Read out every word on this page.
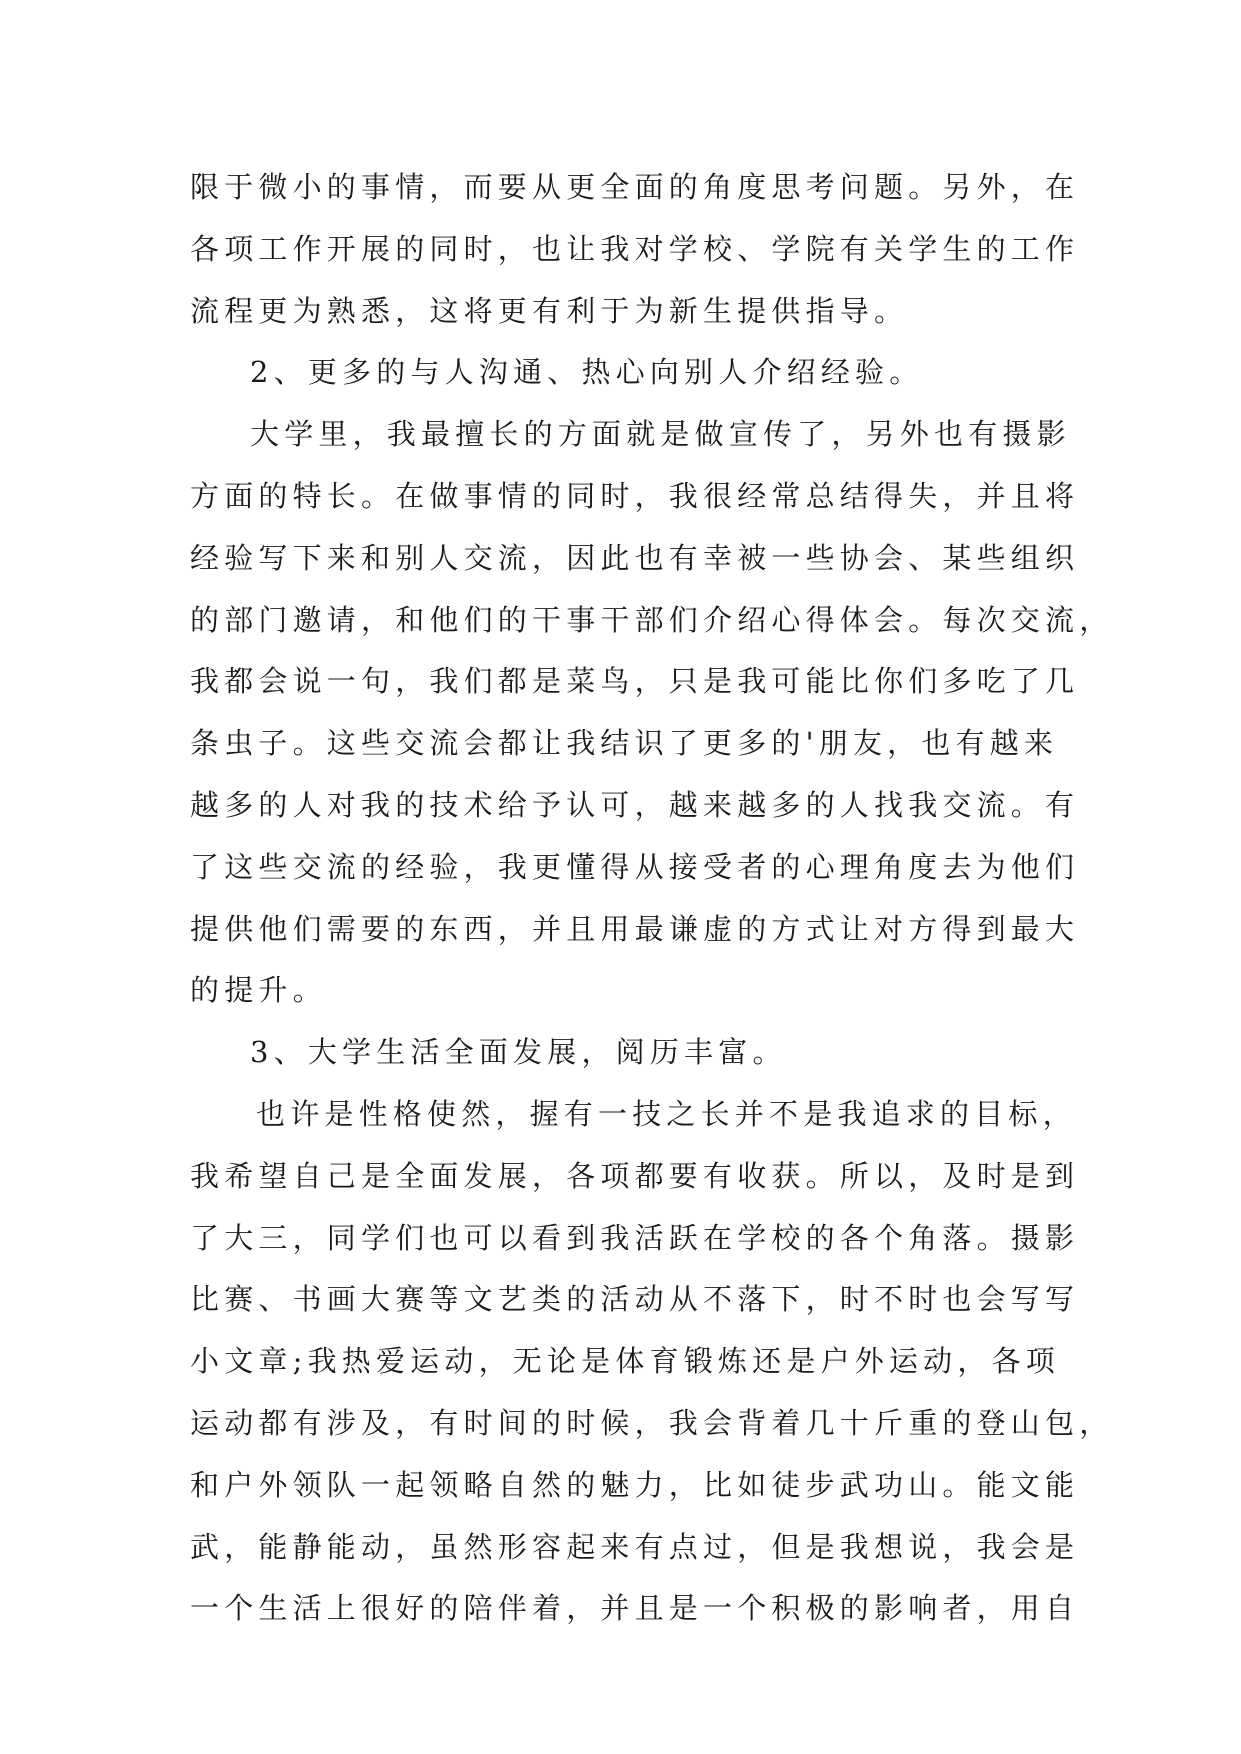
限于微小的事情，而要从更全面的角度思考问题。另外，在
各项工作开展的同时，也让我对学校、学院有关学生的工作
流程更为熟悉，这将更有利于为新生提供指导。
2、更多的与人沟通、热心向别人介绍经验。
大学里，我最擅长的方面就是做宣传了，另外也有摄影
方面的特长。在做事情的同时，我很经常总结得失，并且将
经验写下来和别人交流，因此也有幸被一些协会、某些组织
的部门邀请，和他们的干事干部们介绍心得体会。每次交流，
我都会说一句，我们都是菜鸟，只是我可能比你们多吃了几
条虫子。这些交流会都让我结识了更多的'朋友，也有越来
越多的人对我的技术给予认可，越来越多的人找我交流。有
了这些交流的经验，我更懂得从接受者的心理角度去为他们
提供他们需要的东西，并且用最谦虚的方式让对方得到最大
的提升。
3、大学生活全面发展，阅历丰富。
也许是性格使然，握有一技之长并不是我追求的目标，
我希望自己是全面发展，各项都要有收获。所以，及时是到
了大三，同学们也可以看到我活跃在学校的各个角落。摄影
比赛、书画大赛等文艺类的活动从不落下，时不时也会写写
小文章;我热爱运动，无论是体育锻炼还是户外运动，各项
运动都有涉及，有时间的时候，我会背着几十斤重的登山包，
和户外领队一起领略自然的魅力，比如徒步武功山。能文能
武，能静能动，虽然形容起来有点过，但是我想说，我会是
一个生活上很好的陪伴着，并且是一个积极的影响者，用自
